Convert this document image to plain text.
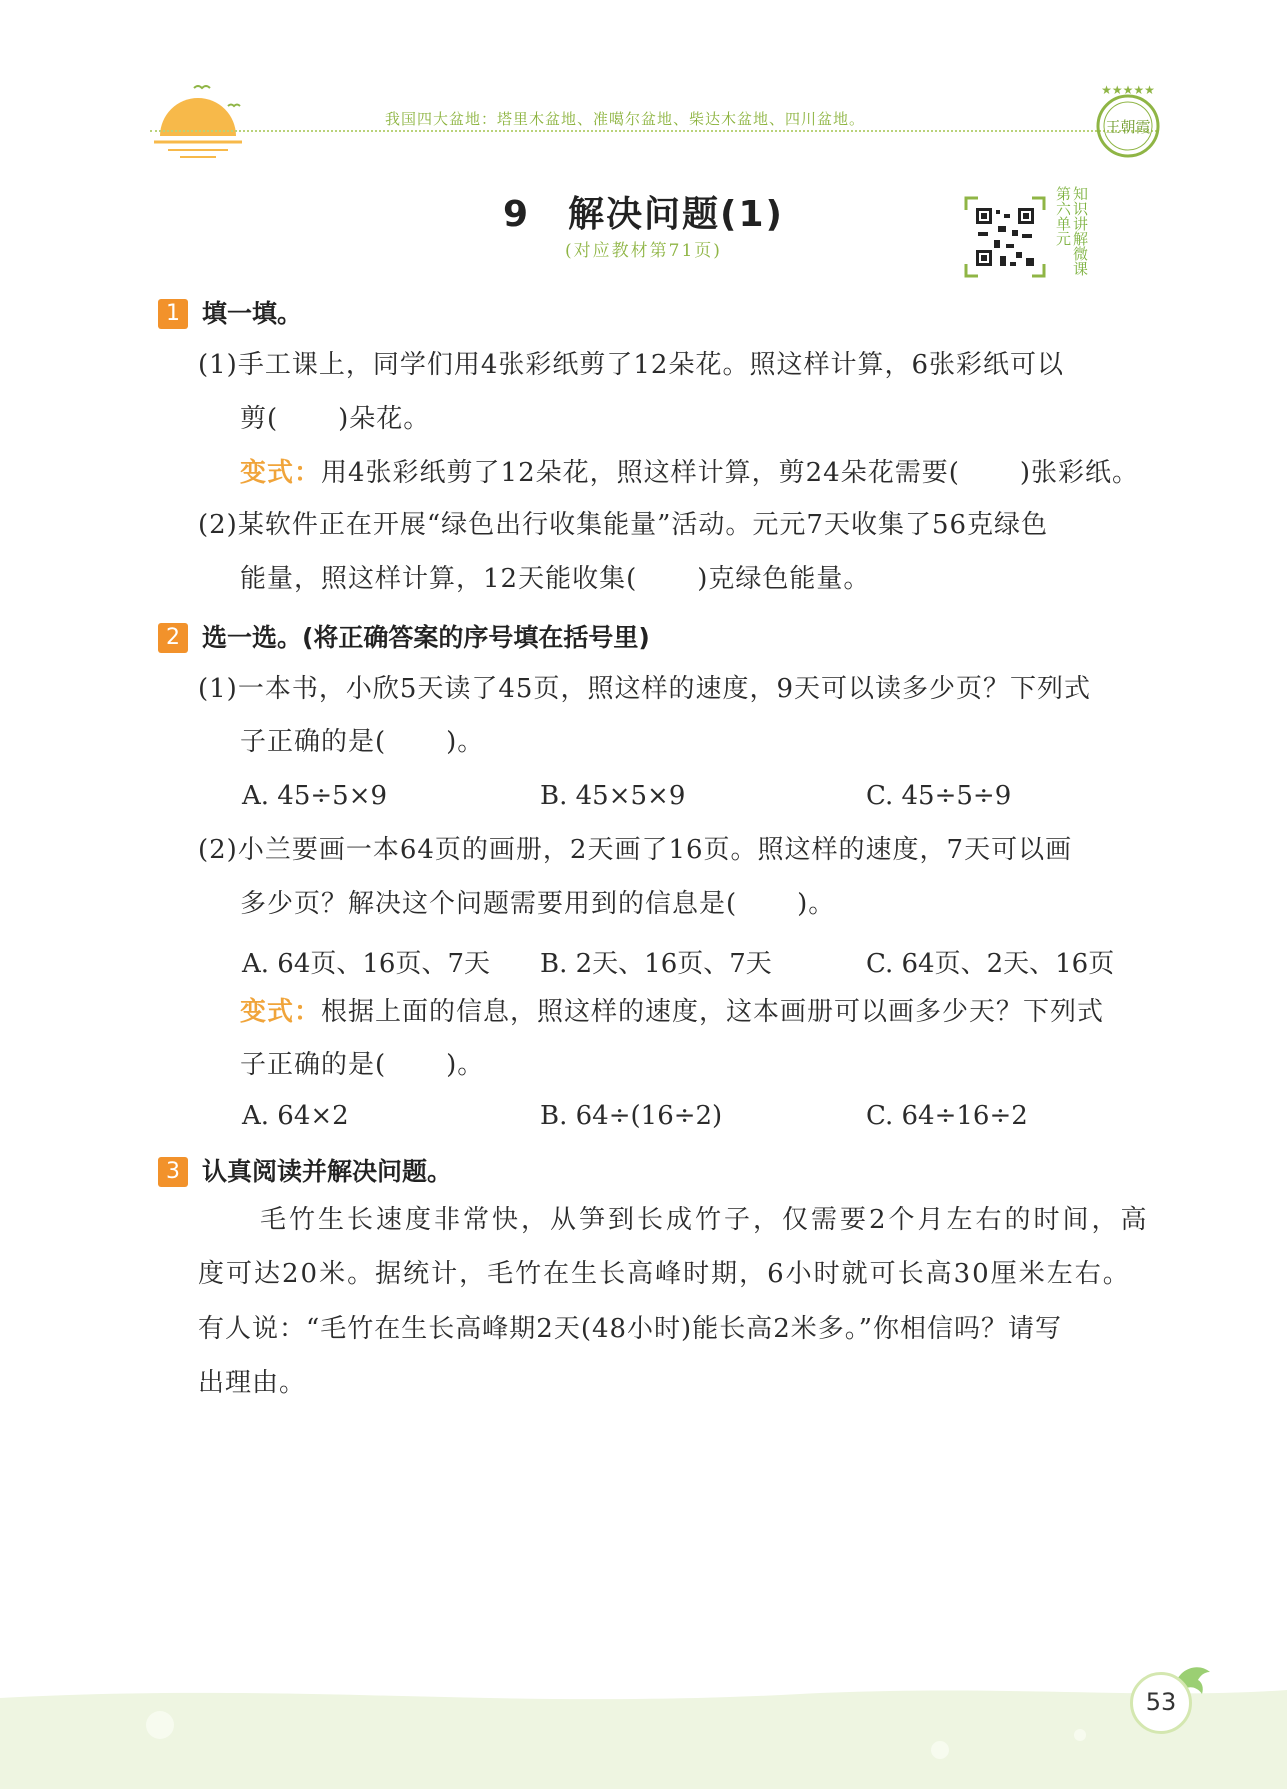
我国四大盆地：塔里木盆地、准噶尔盆地、柴达木盆地、四川盆地。	王朝霞
★★★★★
9　解决问题(1)
(对应教材第71页)
第六单元知识讲解微课
1 填一填。
(1)手工课上，同学们用4张彩纸剪了12朵花。照这样计算，6张彩纸可以
剪( )朵花。
变式：用4张彩纸剪了12朵花，照这样计算，剪24朵花需要( )张彩纸。
(2)某软件正在开展“绿色出行收集能量”活动。元元7天收集了56克绿色
能量，照这样计算，12天能收集( )克绿色能量。
2 选一选。(将正确答案的序号填在括号里)
(1)一本书，小欣5天读了45页，照这样的速度，9天可以读多少页？下列式
子正确的是( )。
A. 45÷5×9	B. 45×5×9	C. 45÷5÷9
(2)小兰要画一本64页的画册，2天画了16页。照这样的速度，7天可以画
多少页？解决这个问题需要用到的信息是( )。
A. 64页、16页、7天 B. 2天、16页、7天	C. 64页、2天、16页
变式：根据上面的信息，照这样的速度，这本画册可以画多少天？下列式
子正确的是( )。
A. 64×2	B. 64÷(16÷2)	C. 64÷16÷2
3 认真阅读并解决问题。
毛竹生长速度非常快，从笋到长成竹子，仅需要2个月左右的时间，高
度可达20米。据统计，毛竹在生长高峰时期，6小时就可长高30厘米左右。
有人说：“毛竹在生长高峰期2天(48小时)能长高2米多。”你相信吗？请写
出理由。
53
